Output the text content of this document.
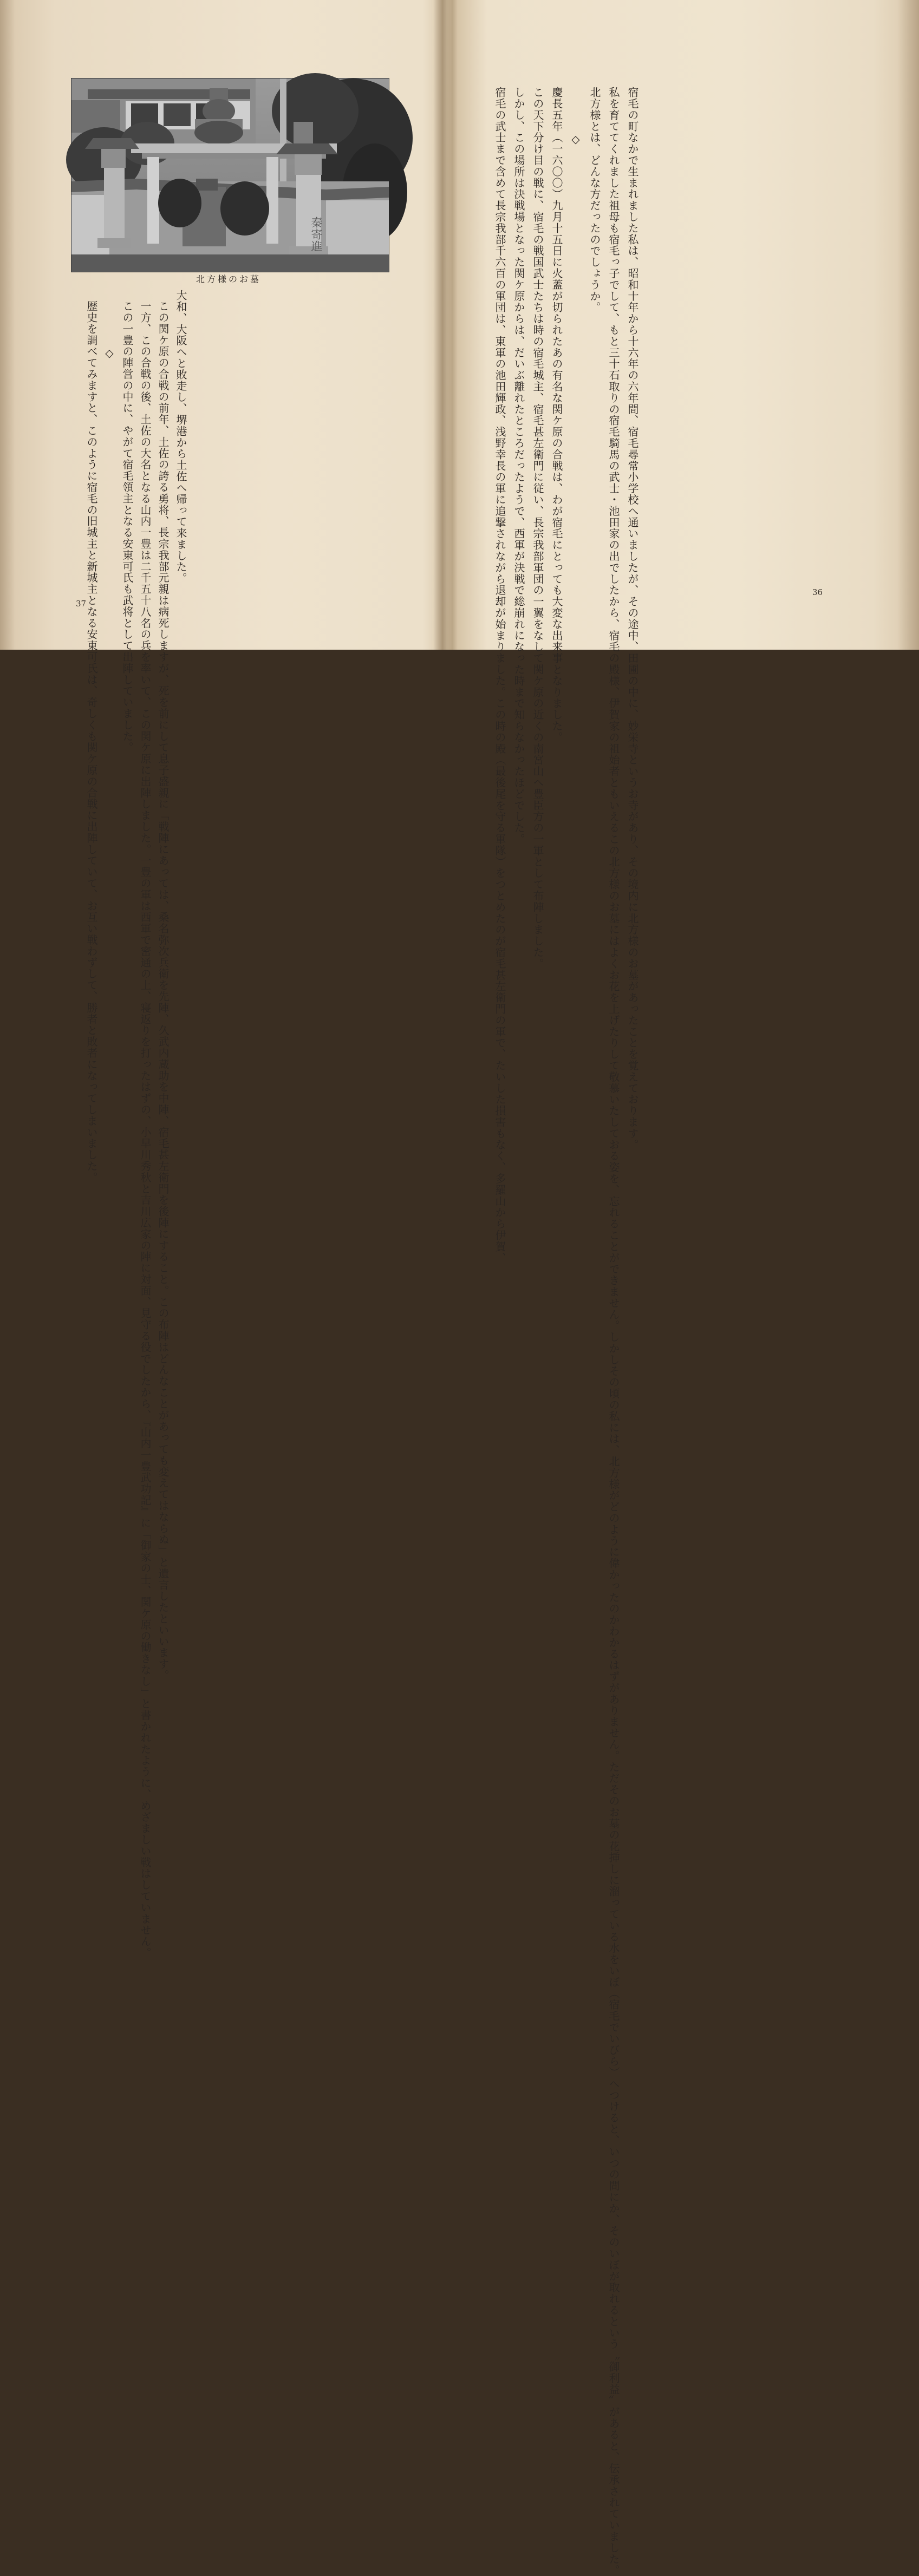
秦寄進
北方様のお墓

大和、大阪へと敗走し、堺港から土佐へ帰って来ました。

この関ケ原の合戦の前年、土佐の誇る勇将、長宗我部元親は病死しますが、死を前にして息子盛親に「戦陣にあっては、桑名弥次兵衛を先陣、久武内蔵助を中陣、宿毛甚左衛門を後陣にすること。この布陣はどんなことがあっても変えてはならぬ」と遺言したといいます。

一方、この合戦の後、土佐の大名となる山内一豊は二千五十八名の兵を率いて、この関ケ原に出陣しました。一豊の軍は西軍で密通の上、寝返りを打ったはずの、小早川秀秋と吉川広家の陣に対面、見守る役でしたから、『山内一豊武功記』に「御家の士、関ケ原の働きなし」と書かれたように、めざましい戦はしていません。

この一豊の陣営の中に、やがて宿毛領主となる安東可氏も武将として出陣していました。

◇

歴史を調べてみますと、このように宿毛の旧城主と新城主となる安東可氏は、奇しくも関ケ原の合戦に出陣していて、お互い戦わずして、勝者と敗者になってしまいました。

37	宿毛の町なかで生まれました私は、昭和十年から十六年の六年間、宿毛尋常小学校へ通いましたが、その途中、田圃の中に、妙栄寺というお寺があり、その境内に北方様のお墓があったことを覚えております。

私を育ててくれました祖母も宿毛っ子でして、もと三十石取りの宿毛騎馬の武士・池田家の出でしたから、宿毛の殿様、伊賀家の祖始者ともいえるこの北方様のお墓にはよくお花を上げたりして敬慕いたしておる姿を、忘れることができません。しかしその頃の私には、北方様がどのように偉かったのかわかるはずがありません。ただそのお墓の花挿しに溜っている水をいぼ（宿毛でいびら）へつけると、いつの間にか、そのいぼが取れるという〝御利益〟があると、伝承されていました。

北方様とは、どんな方だったのでしょうか。

◇

慶長五年（一六〇〇）九月十五日に火蓋が切られたあの有名な関ケ原の合戦は、わが宿毛にとっても大変な出来事となりました。

この天下分け目の戦に、宿毛の戦国武士たちは時の宿毛城主、宿毛甚左衛門に従い、長宗我部軍団の一翼をなして関ケ原の近くの南宮山へ豊臣方の一軍として布陣しました。

しかし、この場所は決戦場となった関ケ原からは、だいぶ離れたところだったようで、西軍が決戦で総崩れになった時まで知らなかったほどでした。

宿毛の武士まで含めて長宗我部千六百の軍団は、東軍の池田輝政、浅野幸長の軍に追撃されながら退却が始まりました。この時の殿（最後尾を守る軍隊）をつとめたのが宿毛甚左衛門の軍で、たいした損害もなく、多羅山から伊賀、	36
